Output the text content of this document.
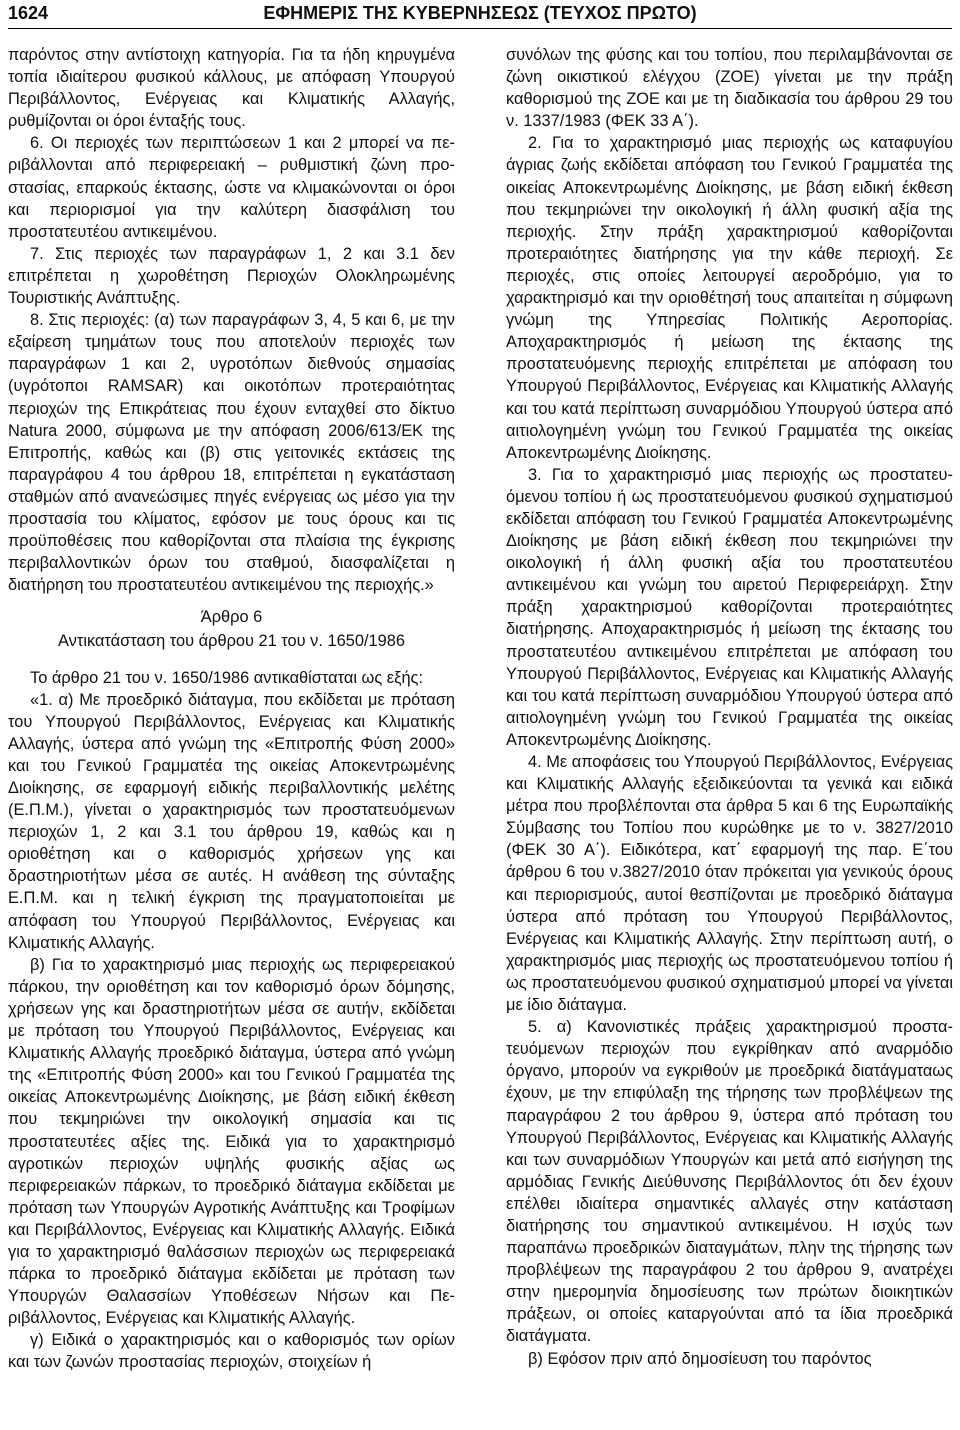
1624	ΕΦΗΜΕΡΙΣ ΤΗΣ ΚΥΒΕΡΝΗΣΕΩΣ (ΤΕΥΧΟΣ ΠΡΩΤΟ)

παρόντος στην αντίστοιχη κατηγορία. Για τα ήδη κηρυγμένα τοπία ιδιαίτερου φυσικού κάλλους, με απόφαση Υπουργού Περιβάλλοντος, Ενέργειας και Κλιματικής Αλλαγής, ρυθμίζονται οι όροι ένταξής τους.

6. Οι περιοχές των περιπτώσεων 1 και 2 μπορεί να περιβάλλονται από περιφερειακή – ρυθμιστική ζώνη προστασίας, επαρκούς έκτασης, ώστε να κλιμακώνονται οι όροι και περιορισμοί για την καλύτερη διασφάλιση του προστατευτέου αντικειμένου.

7. Στις περιοχές των παραγράφων 1, 2 και 3.1 δεν επιτρέπεται η χωροθέτηση Περιοχών Ολοκληρωμένης Τουριστικής Ανάπτυξης.

8. Στις περιοχές: (α) των παραγράφων 3, 4, 5 και 6, με την εξαίρεση τμημάτων τους που αποτελούν περιοχές των παραγράφων 1 και 2, υγροτόπων διεθνούς σημασίας (υγρότοποι RAMSAR) και οικοτόπων προτεραιότητας περιοχών της Επικράτειας που έχουν ενταχθεί στο δίκτυο Natura 2000, σύμφωνα με την απόφαση 2006/613/ΕΚ της Επιτροπής, καθώς και (β) στις γειτονικές εκτάσεις της παραγράφου 4 του άρθρου 18, επιτρέπεται η εγκατάσταση σταθμών από ανανεώσιμες πηγές ενέργειας ως μέσο για την προστασία του κλίματος, εφόσον με τους όρους και τις προϋποθέσεις που καθορίζονται στα πλαίσια της έγκρισης περιβαλλοντικών όρων του σταθμού, διασφαλίζεται η διατήρηση του προστατευτέου αντικειμένου της περιοχής.»

Άρθρο 6

Αντικατάσταση του άρθρου 21 του ν. 1650/1986

Το άρθρο 21 του ν. 1650/1986 αντικαθίσταται ως εξής:

«1. α) Με προεδρικό διάταγμα, που εκδίδεται με πρόταση του Υπουργού Περιβάλλοντος, Ενέργειας και Κλιματικής Αλλαγής, ύστερα από γνώμη της «Επιτροπής Φύση 2000» και του Γενικού Γραμματέα της οικείας Αποκεντρωμένης Διοίκησης, σε εφαρμογή ειδικής περιβαλλοντικής μελέτης (Ε.Π.Μ.), γίνεται ο χαρακτηρισμός των προστατευόμενων περιοχών 1, 2 και 3.1 του άρθρου 19, καθώς και η οριοθέτηση και ο καθορισμός χρήσεων γης και δραστηριοτήτων μέσα σε αυτές. Η ανάθεση της σύνταξης Ε.Π.Μ. και η τελική έγκριση της πραγματοποιείται με απόφαση του Υπουργού Περιβάλλοντος, Ενέργειας και Κλιματικής Αλλαγής.

β) Για το χαρακτηρισμό μιας περιοχής ως περιφερειακού πάρκου, την οριοθέτηση και τον καθορισμό όρων δόμησης, χρήσεων γης και δραστηριοτήτων μέσα σε αυτήν, εκδίδεται με πρόταση του Υπουργού Περιβάλλοντος, Ενέργειας και Κλιματικής Αλλαγής προεδρικό διάταγμα, ύστερα από γνώμη της «Επιτροπής Φύση 2000» και του Γενικού Γραμματέα της οικείας Αποκεντρωμένης Διοίκησης, με βάση ειδική έκθεση που τεκμηριώνει την οικολογική σημασία και τις προστατευτέες αξίες της. Ειδικά για το χαρακτηρισμό αγροτικών περιοχών υψηλής φυσικής αξίας ως περιφερειακών πάρκων, το προεδρικό διάταγμα εκδίδεται με πρόταση των Υπουργών Αγροτικής Ανάπτυξης και Τροφίμων και Περιβάλλοντος, Ενέργειας και Κλιματικής Αλλαγής. Ειδικά για το χαρακτηρισμό θαλάσσιων περιοχών ως περιφερειακά πάρκα το προεδρικό διάταγμα εκδίδεται με πρόταση των Υπουργών Θαλασσίων Υποθέσεων Νήσων και Περιβάλλοντος, Ενέργειας και Κλιματικής Αλλαγής.

γ) Ειδικά ο χαρακτηρισμός και ο καθορισμός των ορίων και των ζωνών προστασίας περιοχών, στοιχείων ή

συνόλων της φύσης και του τοπίου, που περιλαμβάνονται σε ζώνη οικιστικού ελέγχου (ΖΟΕ) γίνεται με την πράξη καθορισμού της ΖΟΕ και με τη διαδικασία του άρθρου 29 του ν. 1337/1983 (ΦΕΚ 33 Α΄).

2. Για το χαρακτηρισμό μιας περιοχής ως καταφυγίου άγριας ζωής εκδίδεται απόφαση του Γενικού Γραμματέα της οικείας Αποκεντρωμένης Διοίκησης, με βάση ειδική έκθεση που τεκμηριώνει την οικολογική ή άλλη φυσική αξία της περιοχής. Στην πράξη χαρακτηρισμού καθορίζονται προτεραιότητες διατήρησης για την κάθε περιοχή. Σε περιοχές, στις οποίες λειτουργεί αεροδρόμιο, για το χαρακτηρισμό και την οριοθέτησή τους απαιτείται η σύμφωνη γνώμη της Υπηρεσίας Πολιτικής Αεροπορίας. Αποχαρακτηρισμός ή μείωση της έκτασης της προστατευόμενης περιοχής επιτρέπεται με απόφαση του Υπουργού Περιβάλλοντος, Ενέργειας και Κλιματικής Αλλαγής και του κατά περίπτωση συναρμόδιου Υπουργού ύστερα από αιτιολογημένη γνώμη του Γενικού Γραμματέα της οικείας Αποκεντρωμένης Διοίκησης.

3. Για το χαρακτηρισμό μιας περιοχής ως προστατευόμενου τοπίου ή ως προστατευόμενου φυσικού σχηματισμού εκδίδεται απόφαση του Γενικού Γραμματέα Αποκεντρωμένης Διοίκησης με βάση ειδική έκθεση που τεκμηριώνει την οικολογική ή άλλη φυσική αξία του προστατευτέου αντικειμένου και γνώμη του αιρετού Περιφερειάρχη. Στην πράξη χαρακτηρισμού καθορίζονται προτεραιότητες διατήρησης. Αποχαρακτηρισμός ή μείωση της έκτασης του προστατευτέου αντικειμένου επιτρέπεται με απόφαση του Υπουργού Περιβάλλοντος, Ενέργειας και Κλιματικής Αλλαγής και του κατά περίπτωση συναρμόδιου Υπουργού ύστερα από αιτιολογημένη γνώμη του Γενικού Γραμματέα της οικείας Αποκεντρωμένης Διοίκησης.

4. Με αποφάσεις του Υπουργού Περιβάλλοντος, Ενέργειας και Κλιματικής Αλλαγής εξειδικεύονται τα γενικά και ειδικά μέτρα που προβλέπονται στα άρθρα 5 και 6 της Ευρωπαϊκής Σύμβασης του Τοπίου που κυρώθηκε με το ν. 3827/2010 (ΦΕΚ 30 Α΄). Ειδικότερα, κατ΄ εφαρμογή της παρ. Ε΄του άρθρου 6 του ν.3827/2010 όταν πρόκειται για γενικούς όρους και περιορισμούς, αυτοί θεσπίζονται με προεδρικό διάταγμα ύστερα από πρόταση του Υπουργού Περιβάλλοντος, Ενέργειας και Κλιματικής Αλλαγής. Στην περίπτωση αυτή, ο χαρακτηρισμός μιας περιοχής ως προστατευόμενου τοπίου ή ως προστατευόμενου φυσικού σχηματισμού μπορεί να γίνεται με ίδιο διάταγμα.

5. α) Κανονιστικές πράξεις χαρακτηρισμού προστατευόμενων περιοχών που εγκρίθηκαν από αναρμόδιο όργανο, μπορούν να εγκριθούν με προεδρικά διατάγματαως έχουν, με την επιφύλαξη της τήρησης των προβλέψεων της παραγράφου 2 του άρθρου 9, ύστερα από πρόταση του Υπουργού Περιβάλλοντος, Ενέργειας και Κλιματικής Αλλαγής και των συναρμόδιων Υπουργών και μετά από εισήγηση της αρμόδιας Γενικής Διεύθυνσης Περιβάλλοντος ότι δεν έχουν επέλθει ιδιαίτερα σημαντικές αλλαγές στην κατάσταση διατήρησης του σημαντικού αντικειμένου. Η ισχύς των παραπάνω προεδρικών διαταγμάτων, πλην της τήρησης των προβλέψεων της παραγράφου 2 του άρθρου 9, ανατρέχει στην ημερομηνία δημοσίευσης των πρώτων διοικητικών πράξεων, οι οποίες καταργούνται από τα ίδια προεδρικά διατάγματα.

β) Εφόσον πριν από δημοσίευση του παρόντος
